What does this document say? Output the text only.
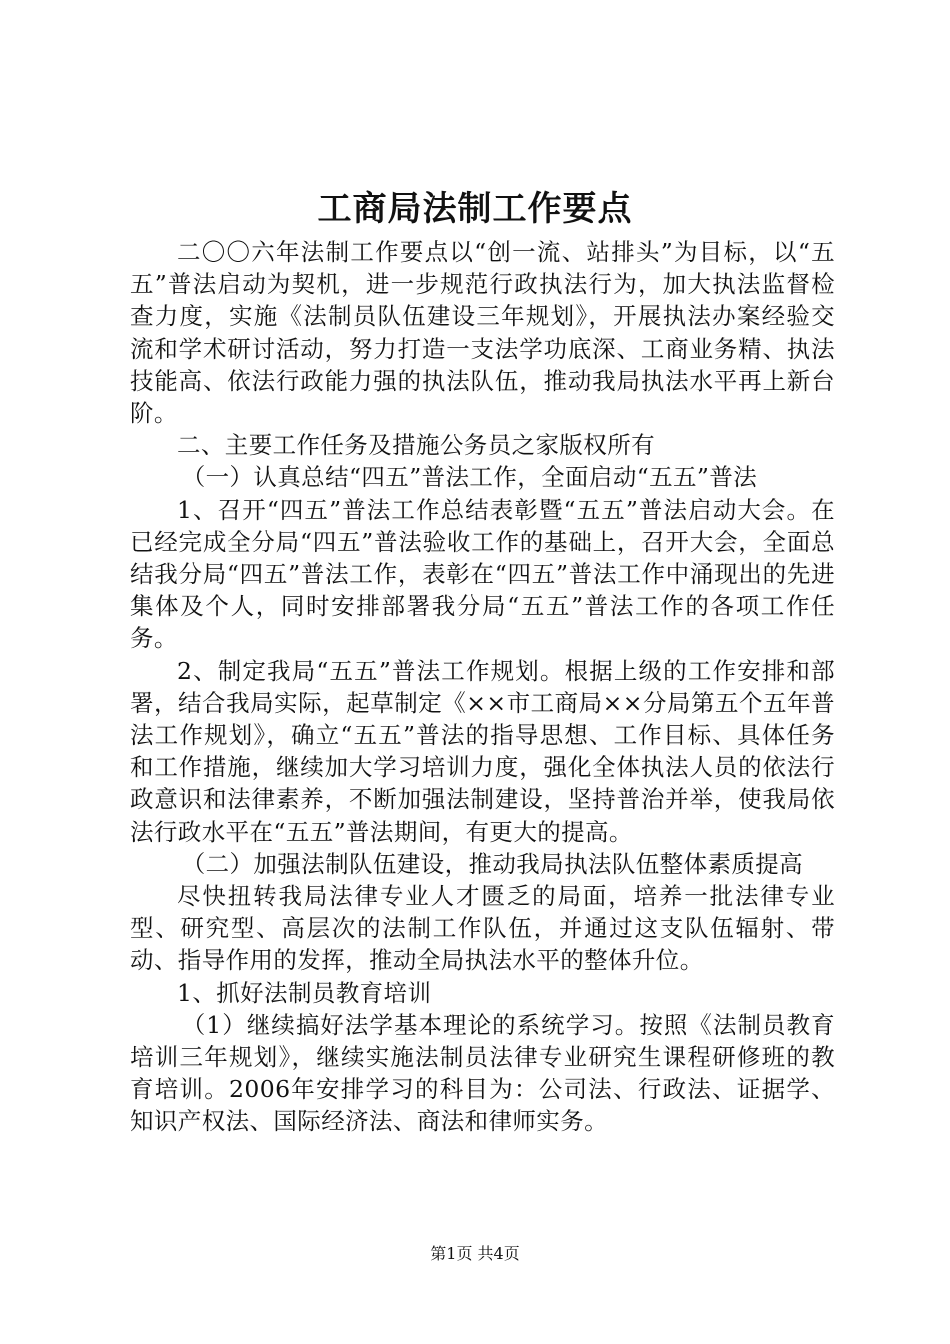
工商局法制工作要点

二〇〇六年法制工作要点以“创一流、站排头”为目标，以“五五”普法启动为契机，进一步规范行政执法行为，加大执法监督检查力度，实施《法制员队伍建设三年规划》，开展执法办案经验交流和学术研讨活动，努力打造一支法学功底深、工商业务精、执法技能高、依法行政能力强的执法队伍，推动我局执法水平再上新台阶。

二、主要工作任务及措施公务员之家版权所有

（一）认真总结“四五”普法工作，全面启动“五五”普法

1、召开“四五”普法工作总结表彰暨“五五”普法启动大会。在已经完成全分局“四五”普法验收工作的基础上，召开大会，全面总结我分局“四五”普法工作，表彰在“四五”普法工作中涌现出的先进集体及个人，同时安排部署我分局“五五”普法工作的各项工作任务。

2、制定我局“五五”普法工作规划。根据上级的工作安排和部署，结合我局实际，起草制定《××市工商局××分局第五个五年普法工作规划》，确立“五五”普法的指导思想、工作目标、具体任务和工作措施，继续加大学习培训力度，强化全体执法人员的依法行政意识和法律素养，不断加强法制建设，坚持普治并举，使我局依法行政水平在“五五”普法期间，有更大的提高。

（二）加强法制队伍建设，推动我局执法队伍整体素质提高

尽快扭转我局法律专业人才匮乏的局面，培养一批法律专业型、研究型、高层次的法制工作队伍，并通过这支队伍辐射、带动、指导作用的发挥，推动全局执法水平的整体升位。

1、抓好法制员教育培训

（1）继续搞好法学基本理论的系统学习。按照《法制员教育培训三年规划》，继续实施法制员法律专业研究生课程研修班的教育培训。2006年安排学习的科目为：公司法、行政法、证据学、知识产权法、国际经济法、商法和律师实务。

第1页 共4页
